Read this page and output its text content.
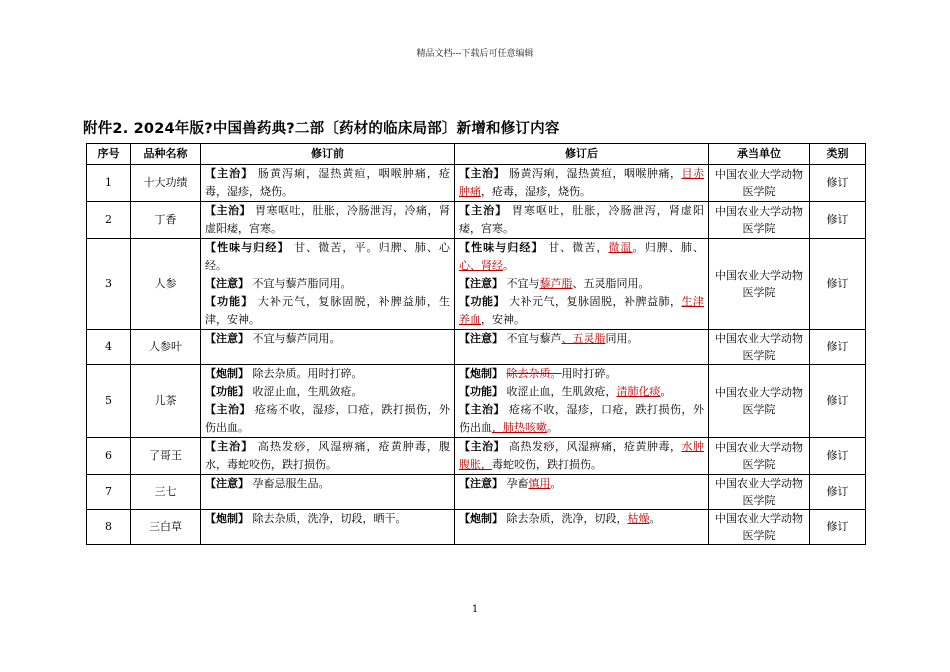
精品文档---下载后可任意编辑
附件2. 2024年版?中国兽药典?二部〔药材的临床局部〕新增和修订内容
序号	品种名称	修订前	修订后	承当单位	类别
1	十大功绩	【主治】 肠黄泻痢，湿热黄疸，咽喉肿痛，疮毒，湿疹，烧伤。	【主治】 肠黄泻痢，湿热黄疸，咽喉肿痛，目赤肿痛，疮毒，湿疹，烧伤。	中国农业大学动物医学院	修订
2	丁香	【主治】 胃寒呕吐，肚胀，冷肠泄泻，冷痛，肾虚阳痿，宫寒。	【主治】 胃寒呕吐，肚胀，冷肠泄泻，肾虚阳痿，宫寒。	中国农业大学动物医学院	修订
3	人参	【性味与归经】 甘、微苦，平。归脾、肺、心经。
【注意】 不宜与藜芦脂同用。
【功能】 大补元气，复脉固脱，补脾益肺，生津，安神。	【性味与归经】 甘、微苦，微温。归脾、肺、心、肾经。
【注意】 不宜与藜芦脂、五灵脂同用。
【功能】 大补元气，复脉固脱，补脾益肺，生津养血，安神。	中国农业大学动物医学院	修订
4	人参叶	【注意】 不宜与藜芦同用。	【注意】 不宜与藜芦、五灵脂同用。	中国农业大学动物医学院	修订
5	儿茶	【炮制】 除去杂质。用时打碎。
【功能】 收涩止血，生肌敛疮。
【主治】 疮疡不收，湿疹，口疮，跌打损伤，外伤出血。	【炮制】 除去杂质。用时打碎。
【功能】 收涩止血，生肌敛疮，清肺化痰。
【主治】 疮疡不收，湿疹，口疮，跌打损伤，外伤出血，肺热咳嗽。	中国农业大学动物医学院	修订
6	了哥王	【主治】 高热发痧，风湿痹痛，疮黄肿毒，腹水，毒蛇咬伤，跌打损伤。	【主治】 高热发痧，风湿痹痛，疮黄肿毒，水肿腹胀，毒蛇咬伤，跌打损伤。	中国农业大学动物医学院	修订
7	三七	【注意】 孕畜忌服生品。	【注意】 孕畜慎用。	中国农业大学动物医学院	修订
8	三白草	【炮制】 除去杂质，洗净，切段，晒干。	【炮制】 除去杂质，洗净，切段，枯燥。	中国农业大学动物医学院	修订
1
